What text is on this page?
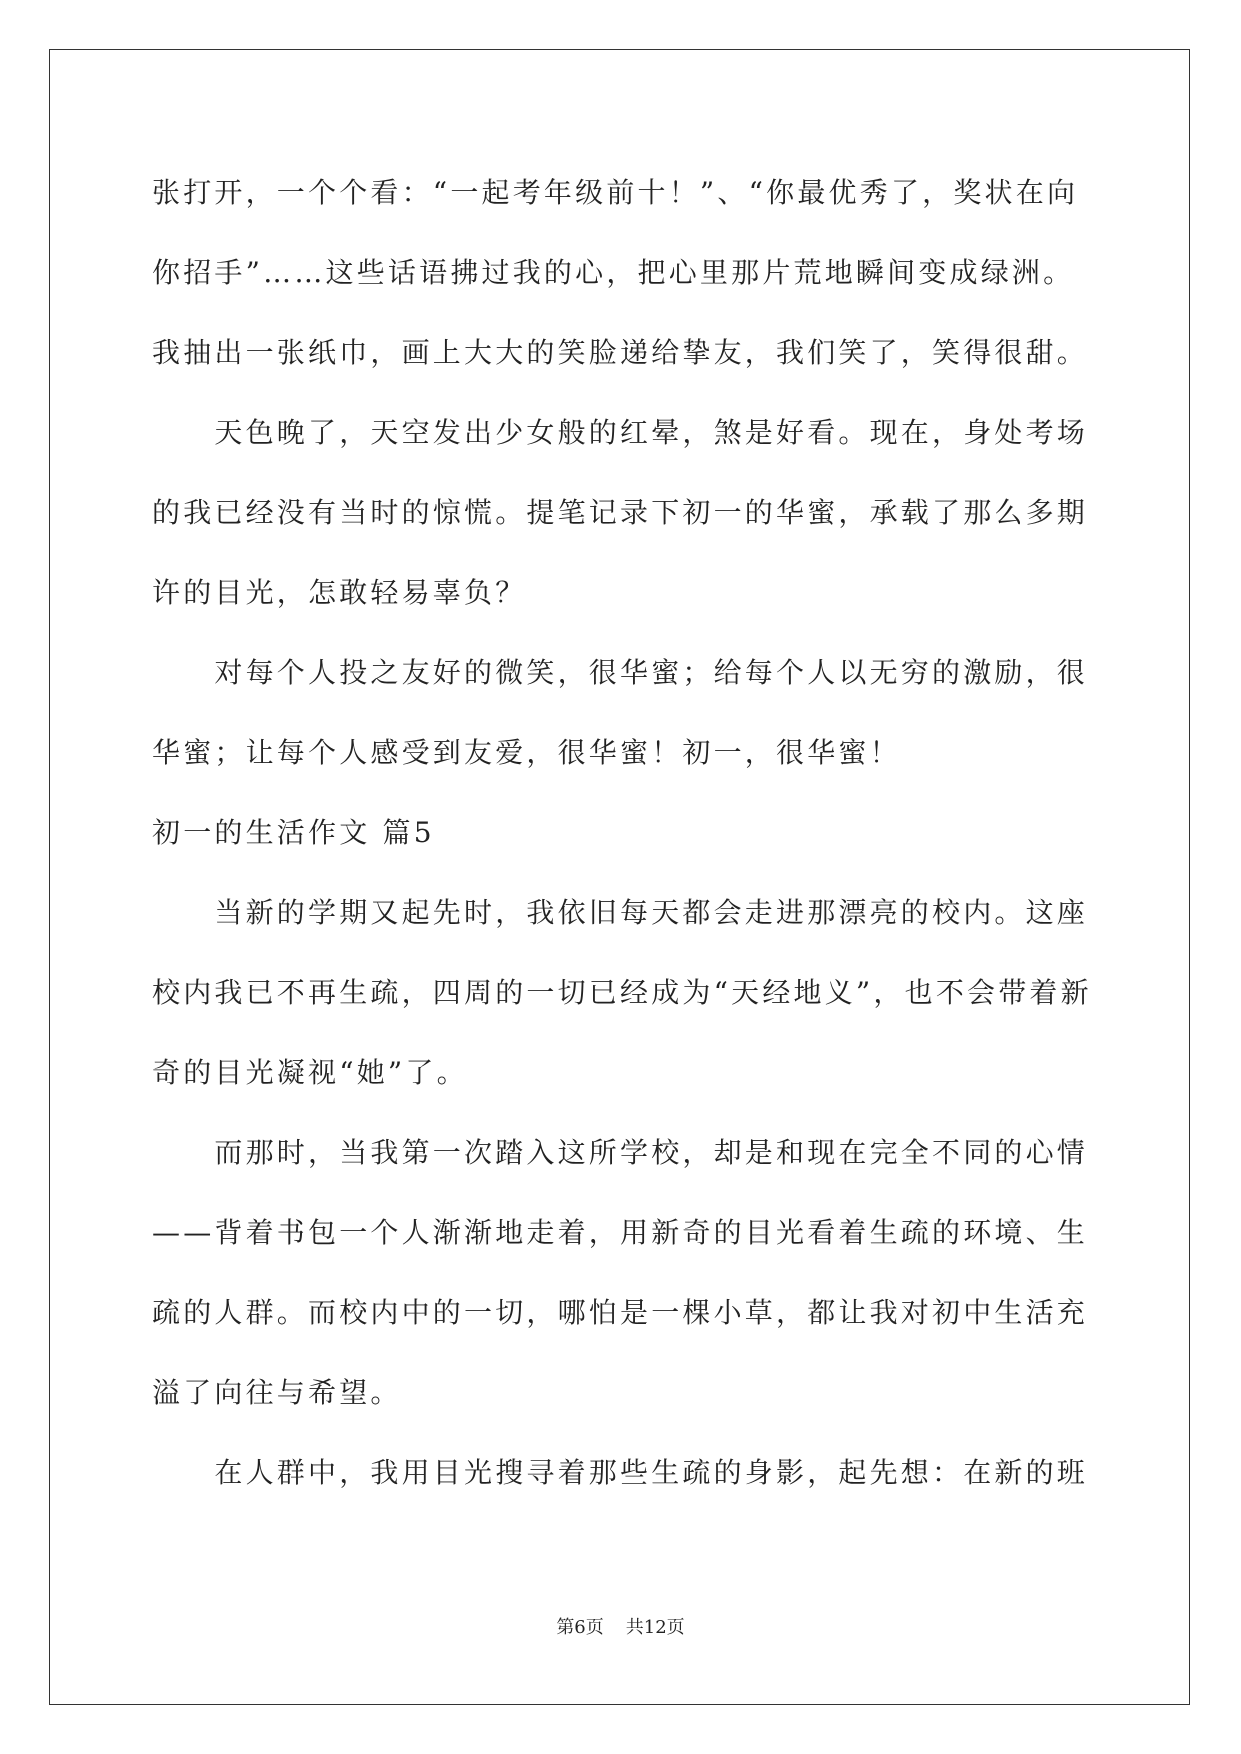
张打开，一个个看：“一起考年级前十！”、“你最优秀了，奖状在向
你招手”……这些话语拂过我的心，把心里那片荒地瞬间变成绿洲。
我抽出一张纸巾，画上大大的笑脸递给挚友，我们笑了，笑得很甜。
　　天色晚了，天空发出少女般的红晕，煞是好看。现在，身处考场
的我已经没有当时的惊慌。提笔记录下初一的华蜜，承载了那么多期
许的目光，怎敢轻易辜负？
　　对每个人投之友好的微笑，很华蜜；给每个人以无穷的激励，很
华蜜；让每个人感受到友爱，很华蜜！初一，很华蜜！
初一的生活作文 篇5
　　当新的学期又起先时，我依旧每天都会走进那漂亮的校内。这座
校内我已不再生疏，四周的一切已经成为“天经地义”，也不会带着新
奇的目光凝视“她”了。
　　而那时，当我第一次踏入这所学校，却是和现在完全不同的心情
——背着书包一个人渐渐地走着，用新奇的目光看着生疏的环境、生
疏的人群。而校内中的一切，哪怕是一棵小草，都让我对初中生活充
溢了向往与希望。
　　在人群中，我用目光搜寻着那些生疏的身影，起先想：在新的班
第6页 共12页
